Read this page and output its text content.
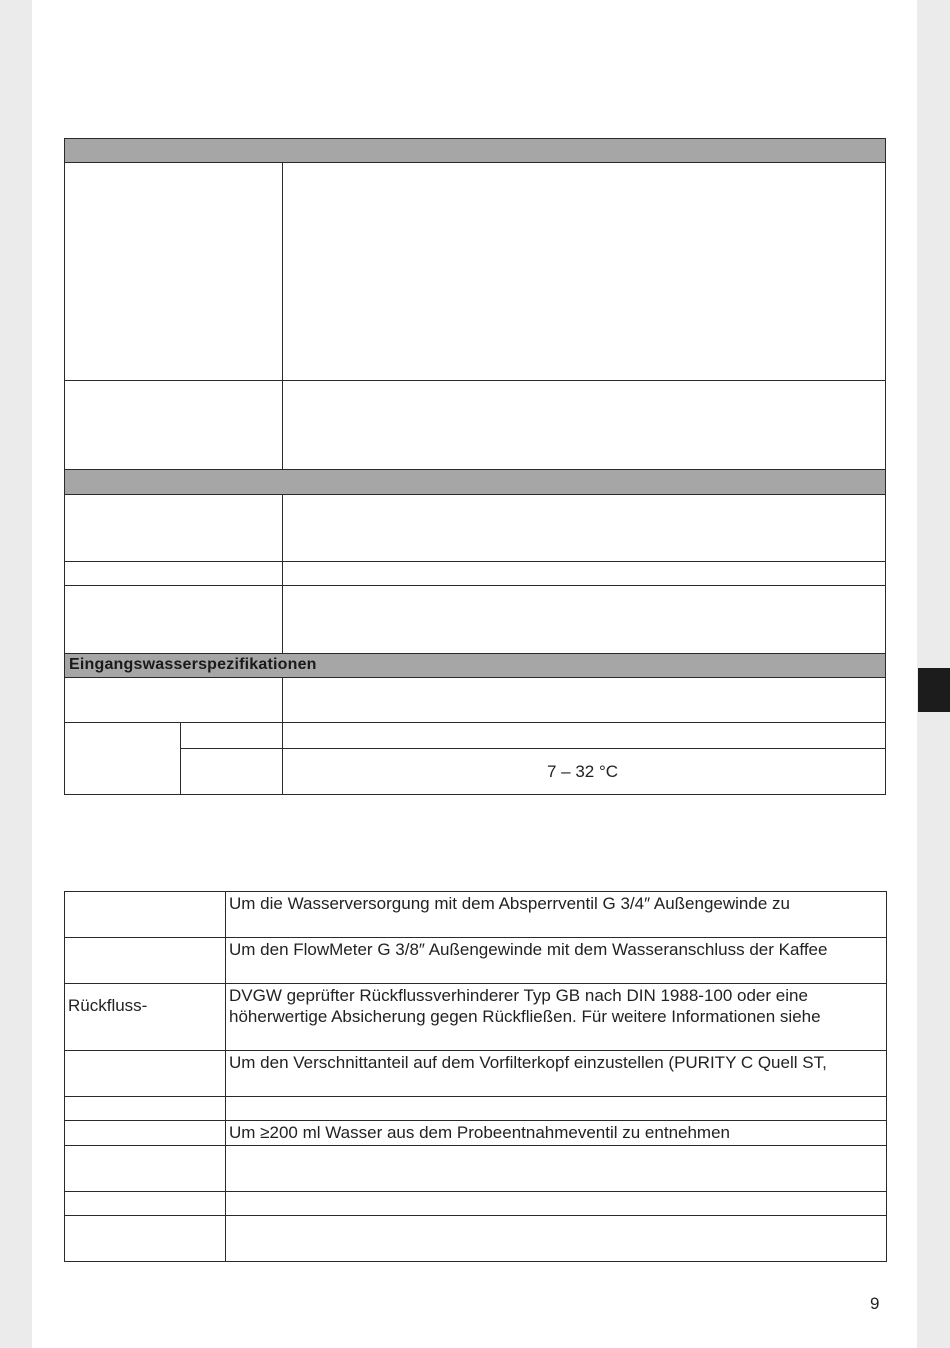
Eingangswasserspezifikationen
7 – 32 °C
Um die Wasserversorgung mit dem Absperrventil G 3/4″ Außengewinde zu
Um den FlowMeter G 3/8″ Außengewinde mit dem Wasseranschluss der Kaffee
Rückfluss-
DVGW geprüfter Rückflussverhinderer Typ GB nach DIN 1988-100 oder eine
höherwertige Absicherung gegen Rückfließen. Für weitere Informationen siehe
Um den Verschnittanteil auf dem Vorfilterkopf einzustellen (PURITY C Quell ST,
Um ≥200 ml Wasser aus dem Probeentnahmeventil zu entnehmen
9
